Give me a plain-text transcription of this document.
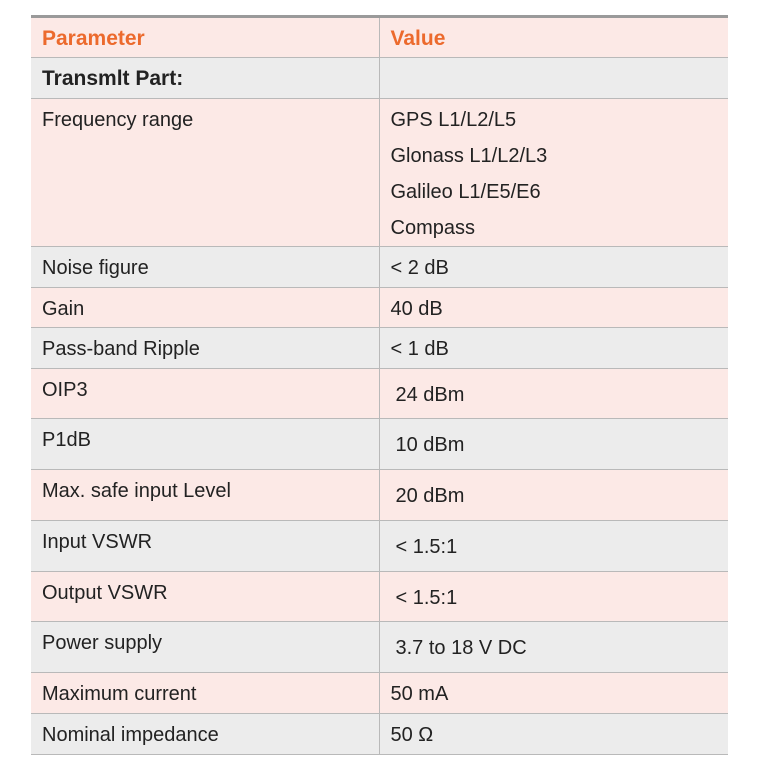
Parameter	Value

Transmlt Part:	

Frequency range	GPS L1/L2/L5
Glonass L1/L2/L3
Galileo L1/E5/E6
Compass

Noise figure	< 2 dB

Gain	40 dB

Pass-band Ripple	< 1 dB

OIP3	24 dBm

P1dB	10 dBm

Max. safe input Level	20 dBm

Input VSWR	< 1.5:1

Output VSWR	< 1.5:1

Power supply	3.7 to 18 V DC

Maximum current	50 mA

Nominal impedance	50 Ω
